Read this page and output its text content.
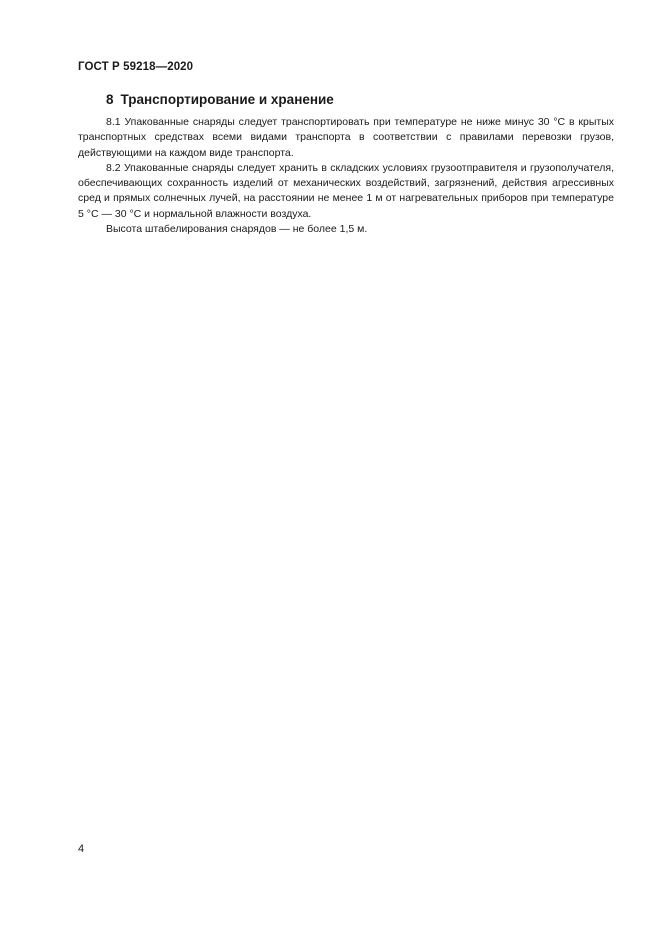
ГОСТ Р 59218—2020
8 Транспортирование и хранение

8.1 Упакованные снаряды следует транспортировать при температуре не ниже минус 30 °С в крытых транспортных средствах всеми видами транспорта в соответствии с правилами перевозки грузов, действующими на каждом виде транспорта.

8.2 Упакованные снаряды следует хранить в складских условиях грузоотправителя и грузополучателя, обеспечивающих сохранность изделий от механических воздействий, загрязнений, действия агрессивных сред и прямых солнечных лучей, на расстоянии не менее 1 м от нагревательных приборов при температуре 5 °С — 30 °С и нормальной влажности воздуха.

Высота штабелирования снарядов — не более 1,5 м.

4
